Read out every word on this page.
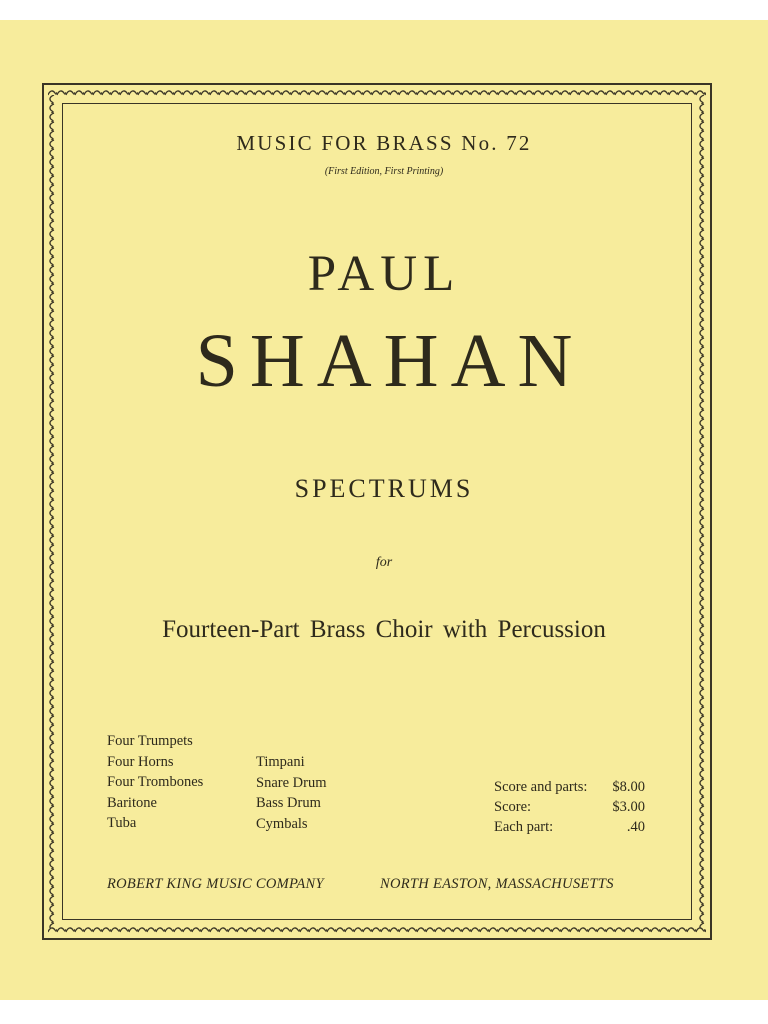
MUSIC FOR BRASS No. 72
(First Edition, First Printing)
PAUL
SHAHAN
SPECTRUMS
for
Fourteen-Part Brass Choir with Percussion
Four Trumpets
Four Horns
Four Trombones
Baritone
Tuba
Timpani
Snare Drum
Bass Drum
Cymbals
Score and parts: $8.00
Score:	$3.00
Each part:	.40
ROBERT KING MUSIC COMPANY	NORTH EASTON, MASSACHUSETTS
